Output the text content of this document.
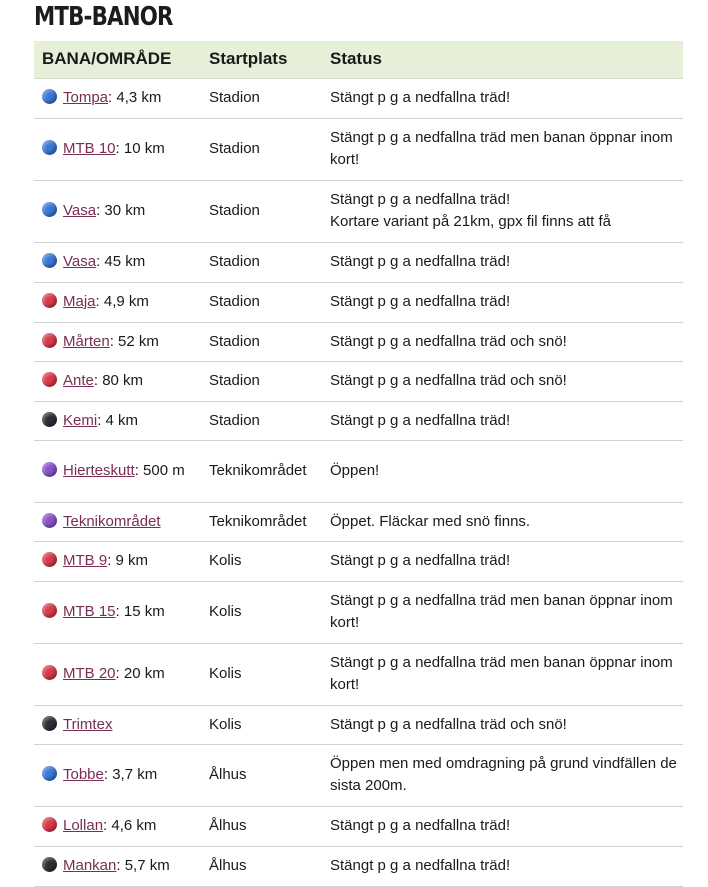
MTB-BANOR
BANA/OMRÅDE	Startplats	Status
Tompa: 4,3 km	Stadion	Stängt p g a nedfallna träd!

MTB 10: 10 km	Stadion	Stängt p g a nedfallna träd men banan öppnar inom kort!

Vasa: 30 km	Stadion	Stängt p g a nedfallna träd!
Kortare variant på 21km, gpx fil finns att få

Vasa: 45 km	Stadion	Stängt p g a nedfallna träd!

Maja: 4,9 km	Stadion	Stängt p g a nedfallna träd!

Mårten: 52 km	Stadion	Stängt p g a nedfallna träd och snö!

Ante: 80 km	Stadion	Stängt p g a nedfallna träd och snö!

Kemi: 4 km	Stadion	Stängt p g a nedfallna träd!

Hierteskutt: 500 m	Teknikområdet	Öppen!

Teknikområdet	Teknikområdet	Öppet. Fläckar med snö finns.

MTB 9: 9 km	Kolis	Stängt p g a nedfallna träd!

MTB 15: 15 km	Kolis	Stängt p g a nedfallna träd men banan öppnar inom kort!

MTB 20: 20 km	Kolis	Stängt p g a nedfallna träd men banan öppnar inom kort!

Trimtex	Kolis	Stängt p g a nedfallna träd och snö!

Tobbe: 3,7 km	Ålhus	Öppen men med omdragning på grund vindfällen de sista 200m.

Lollan: 4,6 km	Ålhus	Stängt p g a nedfallna träd!

Mankan: 5,7 km	Ålhus	Stängt p g a nedfallna träd!
